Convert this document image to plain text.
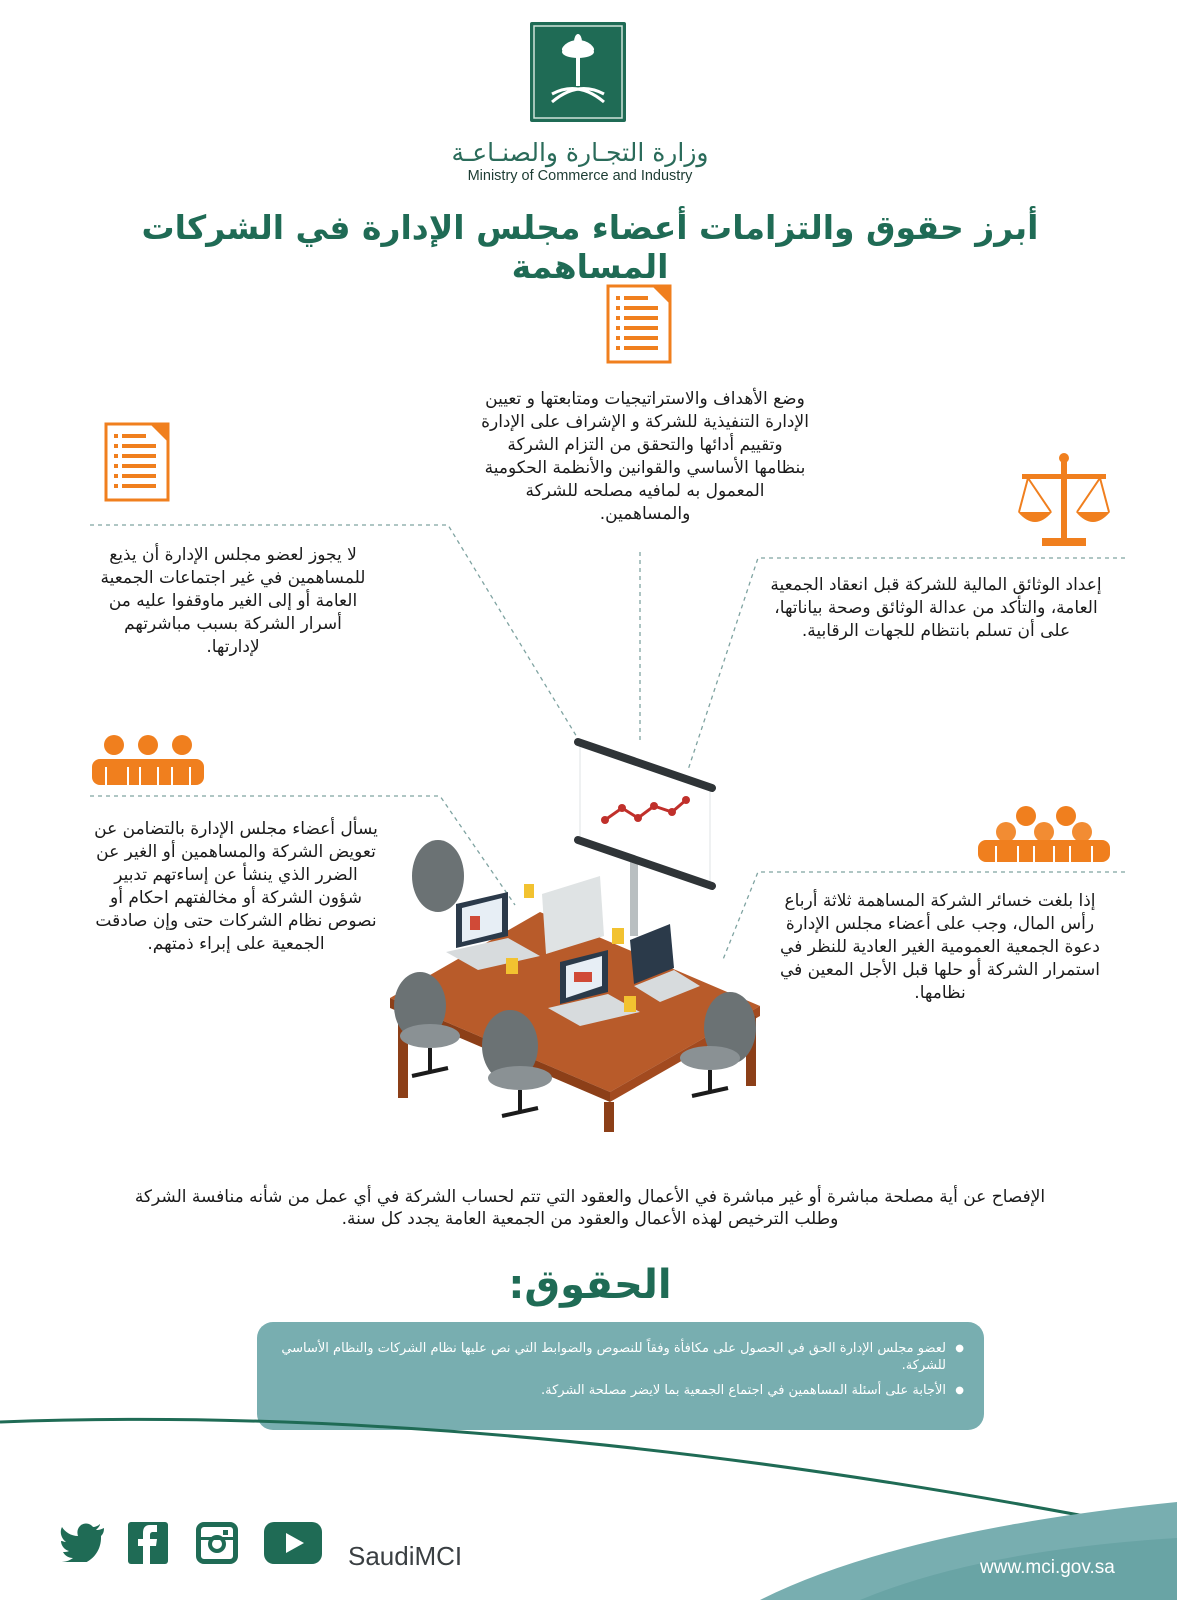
وزارة التجـارة والصنـاعـة
Ministry of Commerce and Industry
أبرز حقوق والتزامات أعضاء مجلس الإدارة في الشركات المساهمة
وضع الأهداف والاستراتيجيات ومتابعتها و تعيين الإدارة التنفيذية للشركة و الإشراف على الإدارة وتقييم أدائها والتحقق من التزام الشركة بنظامها الأساسي والقوانين والأنظمة الحكومية المعمول به لمافيه مصلحه للشركة والمساهمين.
لا يجوز لعضو مجلس الإدارة أن يذيع للمساهمين في غير اجتماعات الجمعية العامة أو إلى الغير ماوقفوا عليه من أسرار الشركة بسبب مباشرتهم لإدارتها.
إعداد الوثائق المالية للشركة قبل انعقاد الجمعية العامة، والتأكد من عدالة الوثائق وصحة بياناتها، على أن تسلم بانتظام للجهات الرقابية.
يسأل أعضاء مجلس الإدارة بالتضامن عن تعويض الشركة والمساهمين أو الغير عن الضرر الذي ينشأ عن إساءتهم تدبير شؤون الشركة أو مخالفتهم احكام أو نصوص نظام الشركات حتى وإن صادقت الجمعية على إبراء ذمتهم.
إذا بلغت خسائر الشركة المساهمة ثلاثة أرباع رأس المال، وجب على أعضاء مجلس الإدارة دعوة الجمعية العمومية الغير العادية للنظر في استمرار الشركة أو حلها قبل الأجل المعين في نظامها.
الإفصاح عن أية مصلحة مباشرة أو غير مباشرة في الأعمال والعقود التي تتم لحساب الشركة في أي عمل من شأنه منافسة الشركة وطلب الترخيص لهذه الأعمال والعقود من الجمعية العامة يجدد كل سنة.
الحقوق:
● لعضو مجلس الإدارة الحق في الحصول على مكافأة وفقاً للنصوص والضوابط التي نص عليها نظام الشركات والنظام الأساسي للشركة.
● الأجابة على أسئلة المساهمين في اجتماع الجمعية بما لايضر مصلحة الشركة.
SaudiMCI	www.mci.gov.sa
